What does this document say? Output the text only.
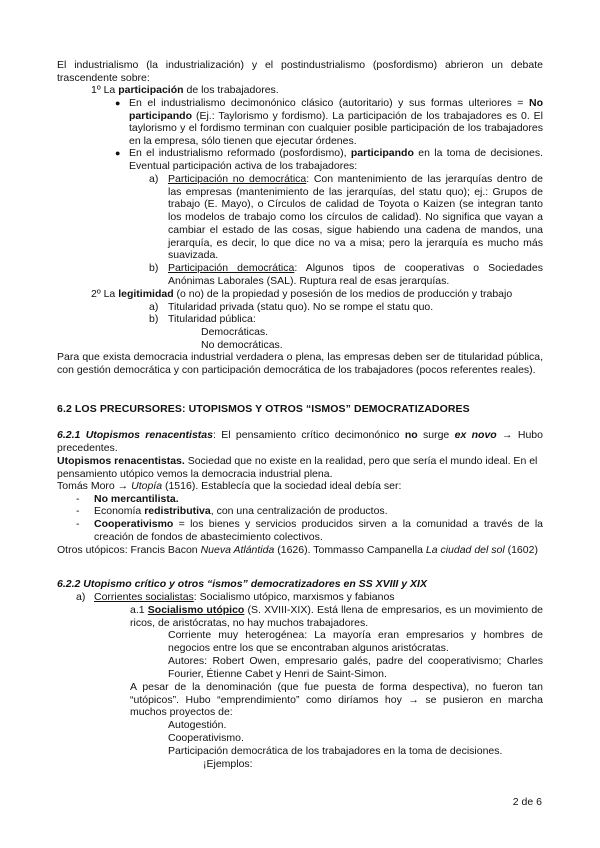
El industrialismo (la industrialización) y el postindustrialismo (posfordismo) abrieron un debate trascendente sobre:
1º La participación de los trabajadores.
● En el industrialismo decimonónico clásico (autoritario) y sus formas ulteriores = No participando (Ej.: Taylorismo y fordismo). La participación de los trabajadores es 0. El taylorismo y el fordismo terminan con cualquier posible participación de los trabajadores en la empresa, sólo tienen que ejecutar órdenes.
● En el industrialismo reformado (posfordismo), participando en la toma de decisiones. Eventual participación activa de los trabajadores:
a) Participación no democrática: Con mantenimiento de las jerarquías dentro de las empresas (mantenimiento de las jerarquías, del statu quo); ej.: Grupos de trabajo (E. Mayo), o Círculos de calidad de Toyota o Kaizen (se integran tanto los modelos de trabajo como los círculos de calidad). No significa que vayan a cambiar el estado de las cosas, sigue habiendo una cadena de mandos, una jerarquía, es decir, lo que dice no va a misa; pero la jerarquía es mucho más suavizada.
b) Participación democrática: Algunos tipos de cooperativas o Sociedades Anónimas Laborales (SAL). Ruptura real de esas jerarquías.
2º La legitimidad (o no) de la propiedad y posesión de los medios de producción y trabajo
a) Titularidad privada (statu quo). No se rompe el statu quo.
b) Titularidad pública:
Democráticas.
No democráticas.
Para que exista democracia industrial verdadera o plena, las empresas deben ser de titularidad pública, con gestión democrática y con participación democrática de los trabajadores (pocos referentes reales).
6.2 LOS PRECURSORES: UTOPISMOS Y OTROS “ISMOS” DEMOCRATIZADORES
6.2.1 Utopismos renacentistas: El pensamiento crítico decimonónico no surge ex novo → Hubo precedentes.
Utopismos renacentistas. Sociedad que no existe en la realidad, pero que sería el mundo ideal. En el pensamiento utópico vemos la democracia industrial plena.
Tomás Moro → Utopía (1516). Establecía que la sociedad ideal debía ser:
- No mercantilista.
- Economía redistributiva, con una centralización de productos.
- Cooperativismo = los bienes y servicios producidos sirven a la comunidad a través de la creación de fondos de abastecimiento colectivos.
Otros utópicos: Francis Bacon Nueva Atlántida (1626). Tommasso Campanella La ciudad del sol (1602)
6.2.2 Utopismo crítico y otros “ismos” democratizadores en SS XVIII y XIX
a) Corrientes socialistas: Socialismo utópico, marxismos y fabianos
a.1 Socialismo utópico (S. XVIII-XIX). Está llena de empresarios, es un movimiento de ricos, de aristócratas, no hay muchos trabajadores.
Corriente muy heterogénea: La mayoría eran empresarios y hombres de negocios entre los que se encontraban algunos aristócratas.
Autores: Robert Owen, empresario galés, padre del cooperativismo; Charles Fourier, Étienne Cabet y Henri de Saint-Simon.
A pesar de la denominación (que fue puesta de forma despectiva), no fueron tan “utópicos”. Hubo “emprendimiento” como diríamos hoy → se pusieron en marcha muchos proyectos de:
Autogestión.
Cooperativismo.
Participación democrática de los trabajadores en la toma de decisiones.
¡Ejemplos:
2 de 6
